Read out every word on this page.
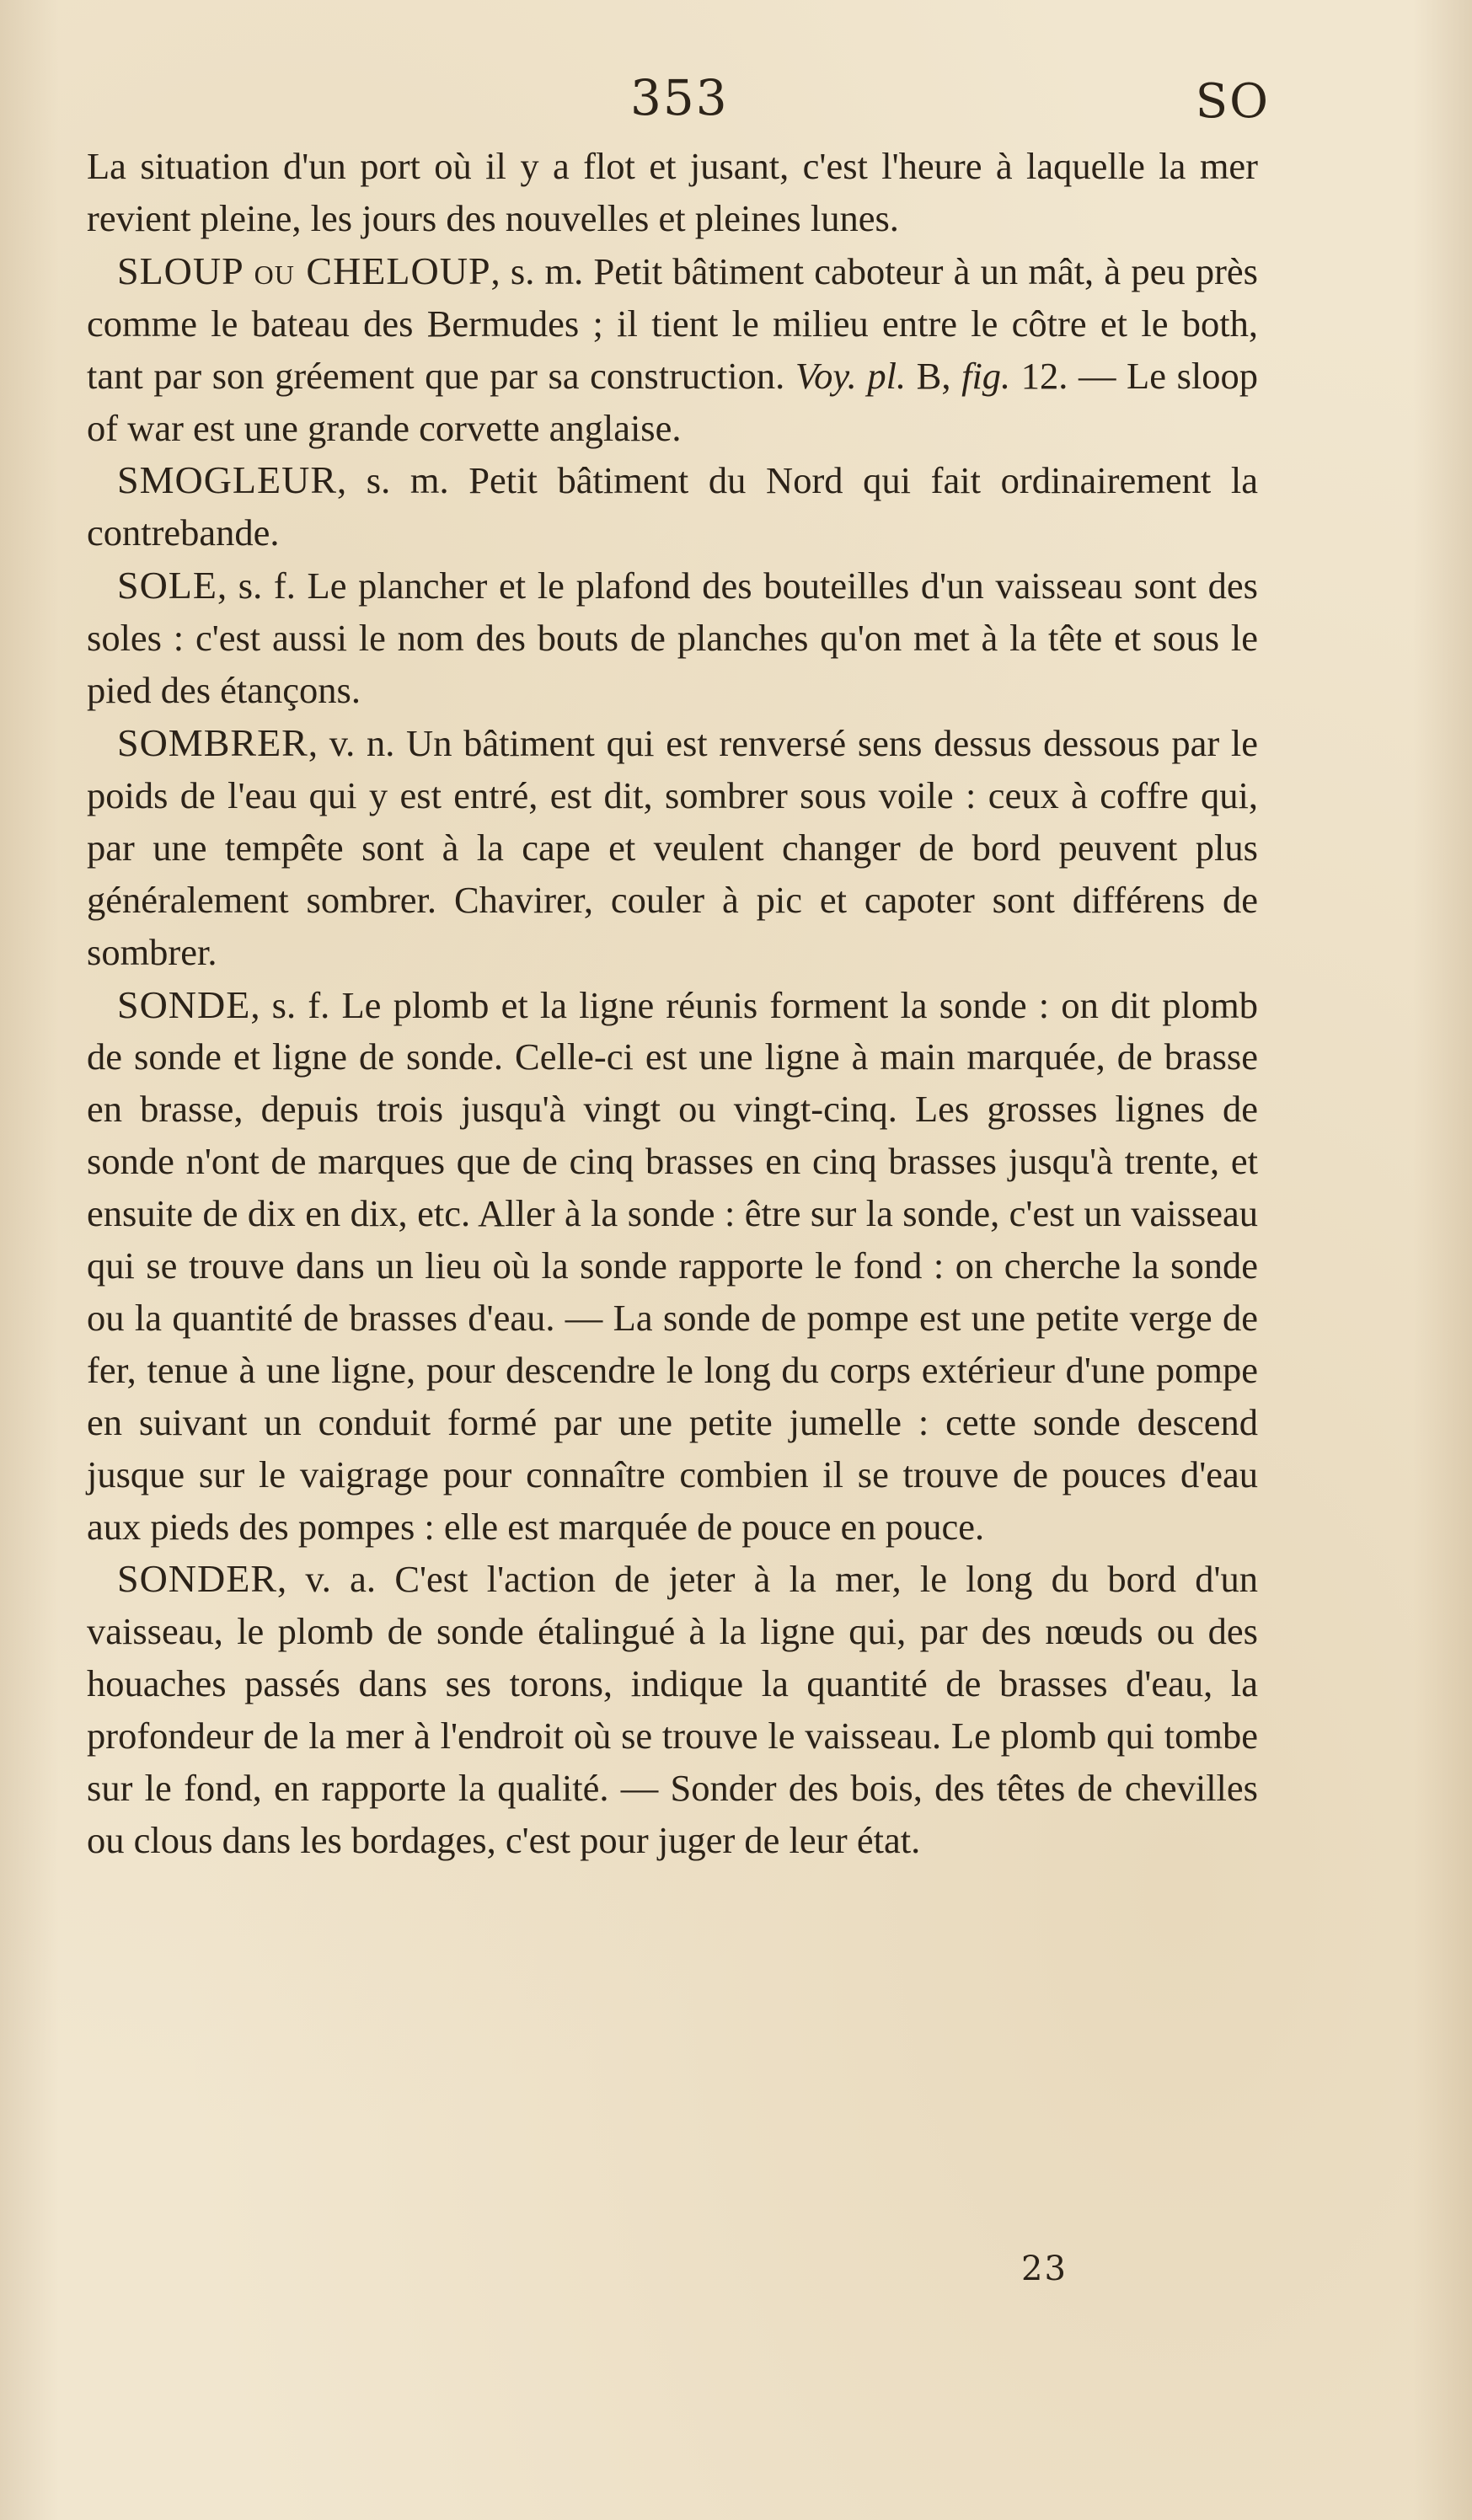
353	SO

La situation d'un port où il y a flot et jusant, c'est l'heure à laquelle la mer revient pleine, les jours des nouvelles et pleines lunes.

SLOUP ou CHELOUP, s. m. Petit bâtiment caboteur à un mât, à peu près comme le bateau des Bermudes ; il tient le milieu entre le côtre et le both, tant par son gréement que par sa construction. Voy. pl. B, fig. 12. — Le sloop of war est une grande corvette anglaise.

SMOGLEUR, s. m. Petit bâtiment du Nord qui fait ordinairement la contrebande.

SOLE, s. f. Le plancher et le plafond des bouteilles d'un vaisseau sont des soles : c'est aussi le nom des bouts de planches qu'on met à la tête et sous le pied des étançons.

SOMBRER, v. n. Un bâtiment qui est renversé sens dessus dessous par le poids de l'eau qui y est entré, est dit, sombrer sous voile : ceux à coffre qui, par une tempête sont à la cape et veulent changer de bord peuvent plus généralement sombrer. Chavirer, couler à pic et capoter sont différens de sombrer.

SONDE, s. f. Le plomb et la ligne réunis forment la sonde : on dit plomb de sonde et ligne de sonde. Celle-ci est une ligne à main marquée, de brasse en brasse, depuis trois jusqu'à vingt ou vingt-cinq. Les grosses lignes de sonde n'ont de marques que de cinq brasses en cinq brasses jusqu'à trente, et ensuite de dix en dix, etc. Aller à la sonde : être sur la sonde, c'est un vaisseau qui se trouve dans un lieu où la sonde rapporte le fond : on cherche la sonde ou la quantité de brasses d'eau. — La sonde de pompe est une petite verge de fer, tenue à une ligne, pour descendre le long du corps extérieur d'une pompe en suivant un conduit formé par une petite jumelle : cette sonde descend jusque sur le vaigrage pour connaître combien il se trouve de pouces d'eau aux pieds des pompes : elle est marquée de pouce en pouce.

SONDER, v. a. C'est l'action de jeter à la mer, le long du bord d'un vaisseau, le plomb de sonde étalingué à la ligne qui, par des nœuds ou des houaches passés dans ses torons, indique la quantité de brasses d'eau, la profondeur de la mer à l'endroit où se trouve le vaisseau. Le plomb qui tombe sur le fond, en rapporte la qualité. — Sonder des bois, des têtes de chevilles ou clous dans les bordages, c'est pour juger de leur état.

23
